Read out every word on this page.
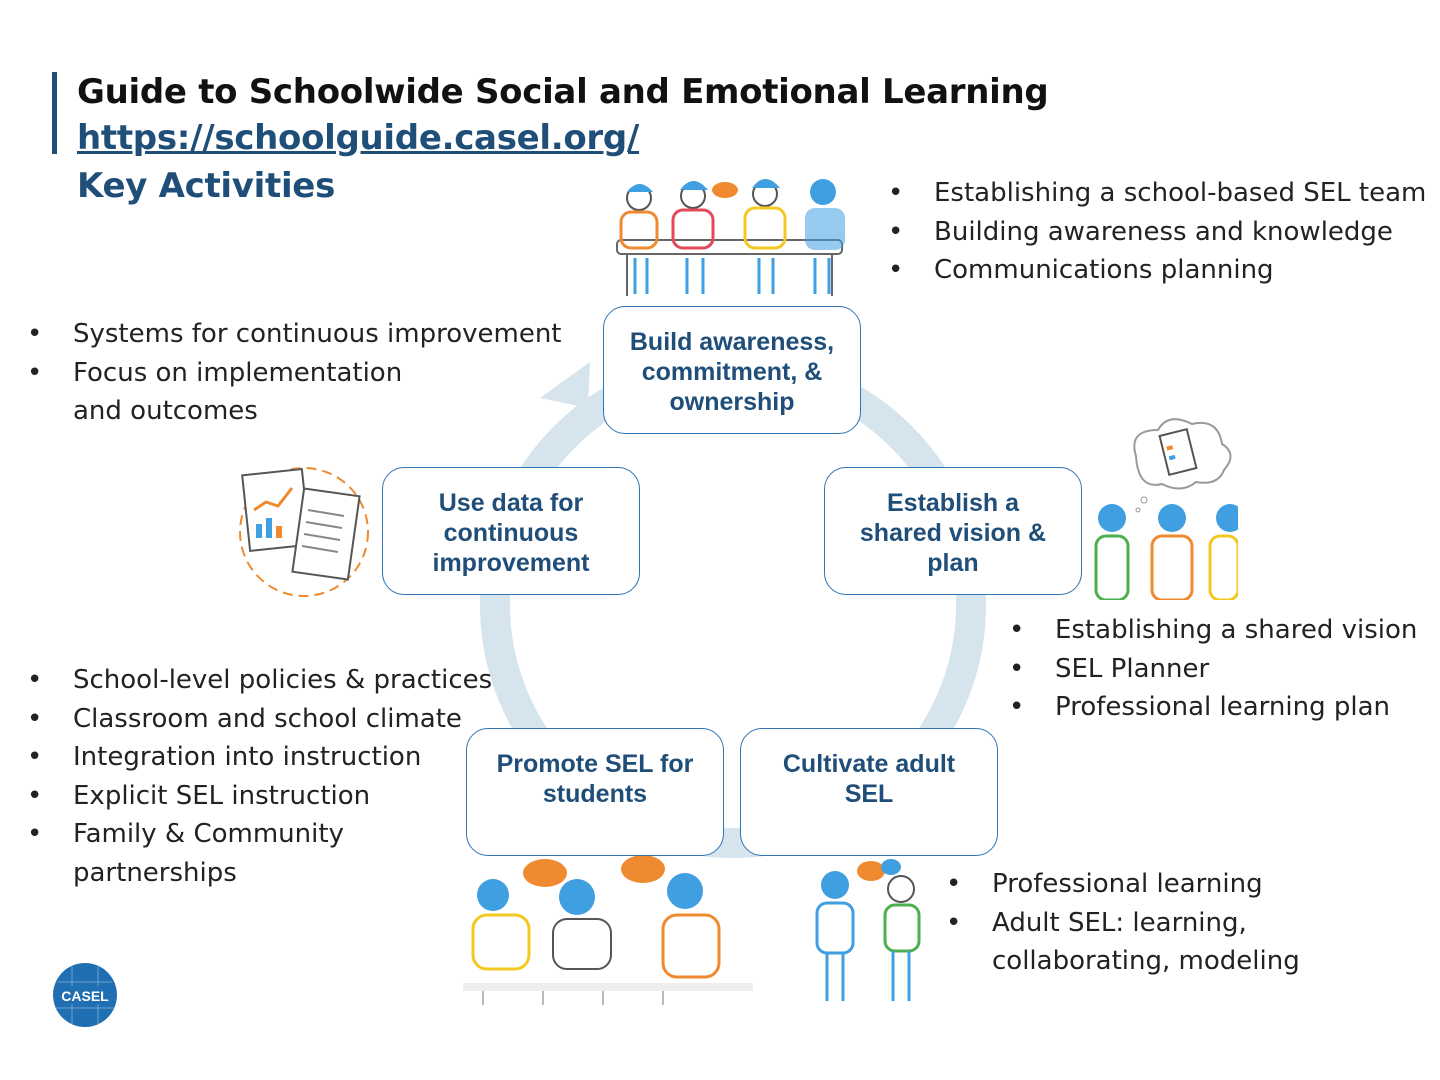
Guide to Schoolwide Social and Emotional Learning
https://schoolguide.casel.org/
Key Activities
Build awareness,
commitment, &
ownership
Establish a
shared vision &
plan
Cultivate adult
SEL
Promote SEL for
students
Use data for
continuous
improvement
• Establishing a school-based SEL team
• Building awareness and knowledge
• Communications planning
• Systems for continuous improvement
• Focus on implementation and outcomes
• Establishing a shared vision
• SEL Planner
• Professional learning plan
• School-level policies & practices
• Classroom and school climate
• Integration into instruction
• Explicit SEL instruction
• Family & Community partnerships
•	Professional learning
• Adult SEL: learning, collaborating, modeling
CASEL
